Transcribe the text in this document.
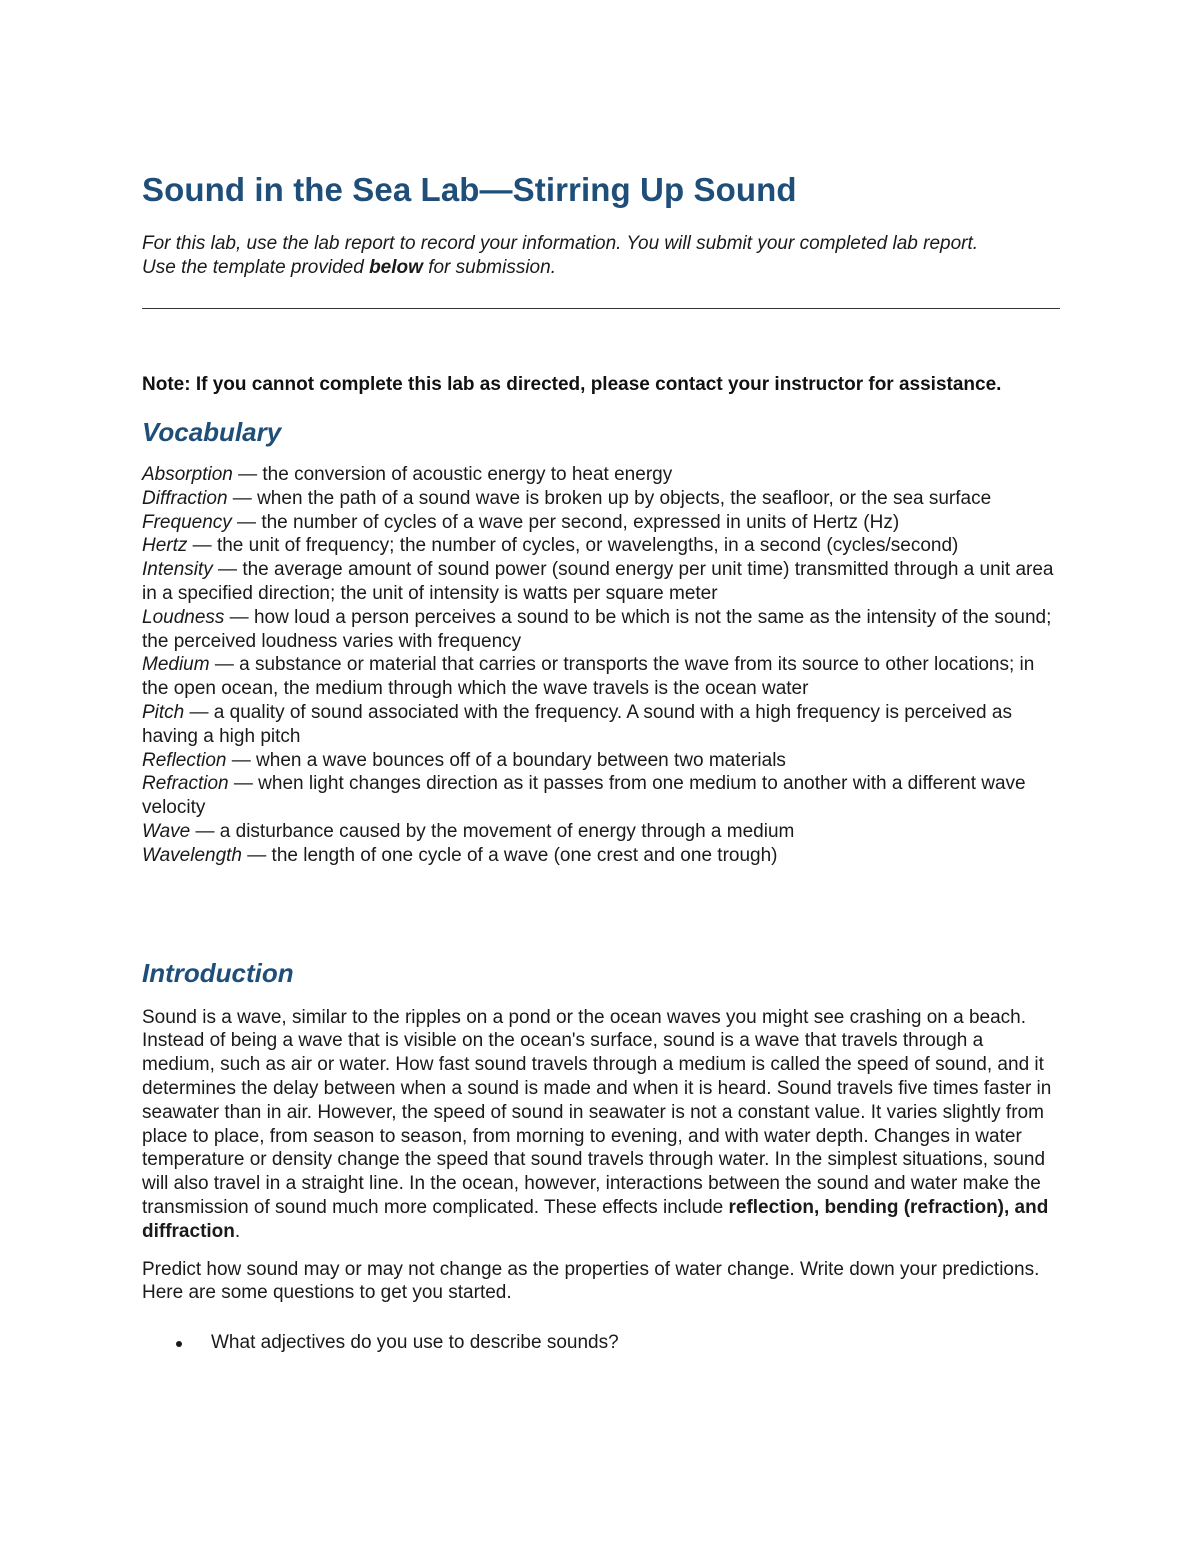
Sound in the Sea Lab—Stirring Up Sound
For this lab, use the lab report to record your information. You will submit your completed lab report.
Use the template provided below for submission.
Note: If you cannot complete this lab as directed, please contact your instructor for assistance.
Vocabulary
Absorption — the conversion of acoustic energy to heat energy
Diffraction — when the path of a sound wave is broken up by objects, the seafloor, or the sea surface
Frequency — the number of cycles of a wave per second, expressed in units of Hertz (Hz)
Hertz — the unit of frequency; the number of cycles, or wavelengths, in a second (cycles/second)
Intensity — the average amount of sound power (sound energy per unit time) transmitted through a unit area in a specified direction; the unit of intensity is watts per square meter
Loudness — how loud a person perceives a sound to be which is not the same as the intensity of the sound; the perceived loudness varies with frequency
Medium — a substance or material that carries or transports the wave from its source to other locations; in the open ocean, the medium through which the wave travels is the ocean water
Pitch — a quality of sound associated with the frequency. A sound with a high frequency is perceived as having a high pitch
Reflection — when a wave bounces off of a boundary between two materials
Refraction — when light changes direction as it passes from one medium to another with a different wave velocity
Wave — a disturbance caused by the movement of energy through a medium
Wavelength — the length of one cycle of a wave (one crest and one trough)
Introduction

Sound is a wave, similar to the ripples on a pond or the ocean waves you might see crashing on a beach. Instead of being a wave that is visible on the ocean's surface, sound is a wave that travels through a medium, such as air or water. How fast sound travels through a medium is called the speed of sound, and it determines the delay between when a sound is made and when it is heard. Sound travels five times faster in seawater than in air. However, the speed of sound in seawater is not a constant value. It varies slightly from place to place, from season to season, from morning to evening, and with water depth. Changes in water temperature or density change the speed that sound travels through water. In the simplest situations, sound will also travel in a straight line. In the ocean, however, interactions between the sound and water make the transmission of sound much more complicated. These effects include reflection, bending (refraction), and diffraction.

Predict how sound may or may not change as the properties of water change. Write down your predictions. Here are some questions to get you started.

What adjectives do you use to describe sounds?
